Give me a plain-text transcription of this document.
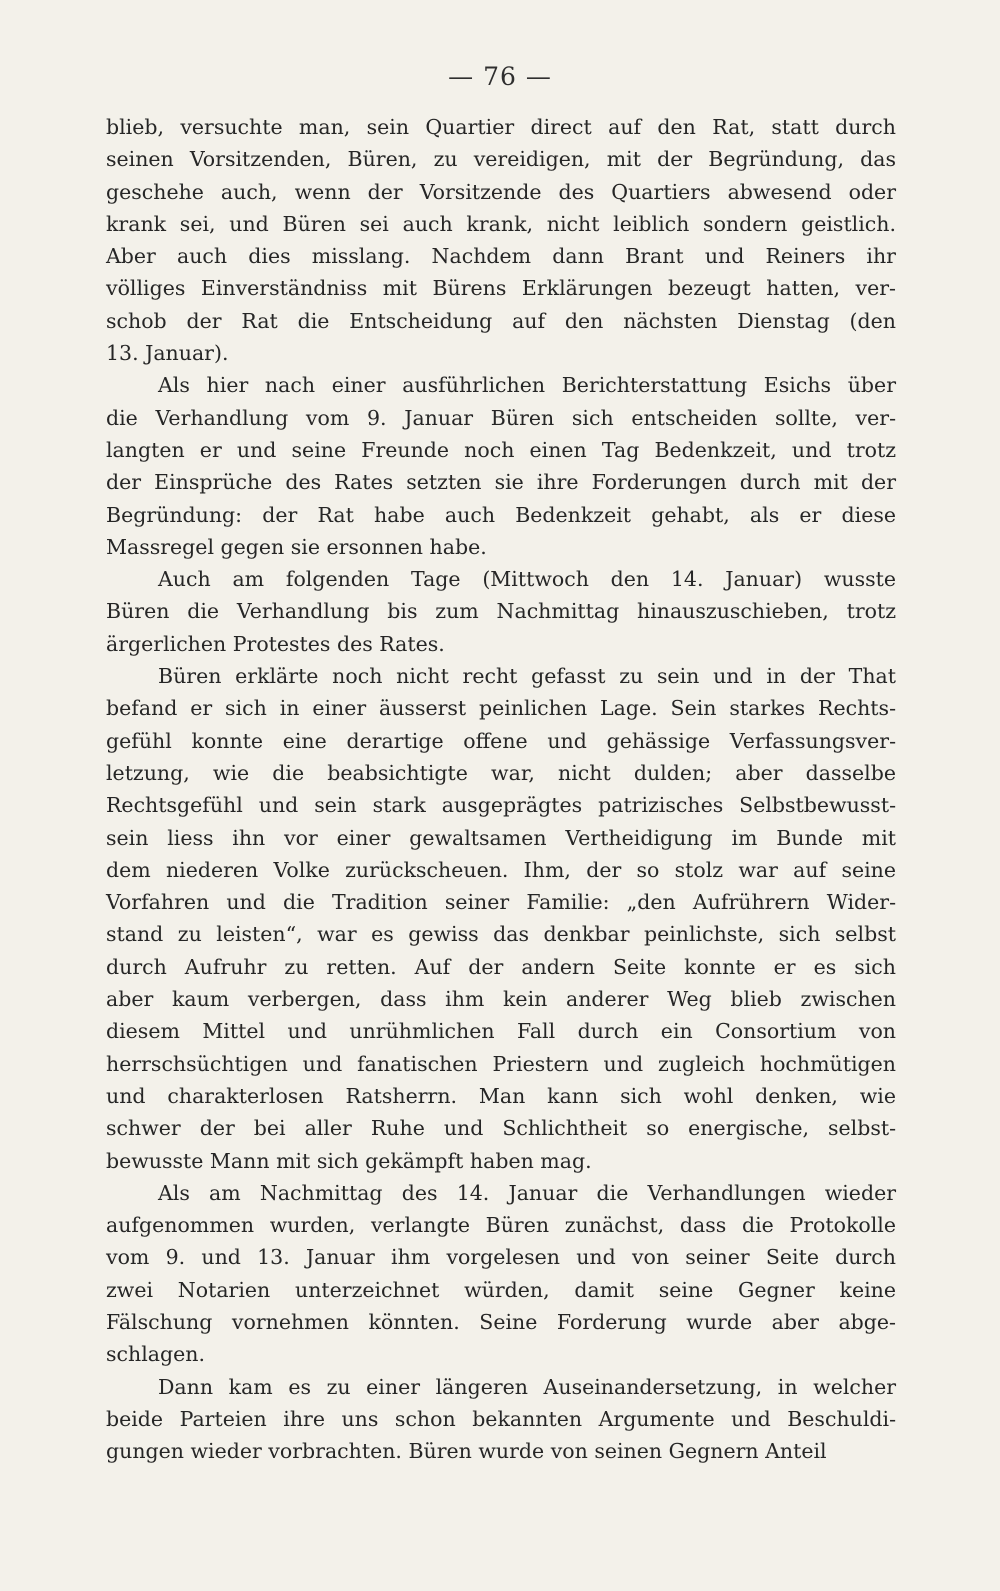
— 76 —
blieb, versuchte man, sein Quartier direct auf den Rat, statt durch
seinen Vorsitzenden, Büren, zu vereidigen, mit der Begründung, das
geschehe auch, wenn der Vorsitzende des Quartiers abwesend oder
krank sei, und Büren sei auch krank, nicht leiblich sondern geistlich.
Aber auch dies misslang. Nachdem dann Brant und Reiners ihr
völliges Einverständniss mit Bürens Erklärungen bezeugt hatten, ver-
schob der Rat die Entscheidung auf den nächsten Dienstag (den
13. Januar).
Als hier nach einer ausführlichen Berichterstattung Esichs über
die Verhandlung vom 9. Januar Büren sich entscheiden sollte, ver-
langten er und seine Freunde noch einen Tag Bedenkzeit, und trotz
der Einsprüche des Rates setzten sie ihre Forderungen durch mit der
Begründung: der Rat habe auch Bedenkzeit gehabt, als er diese
Massregel gegen sie ersonnen habe.
Auch am folgenden Tage (Mittwoch den 14. Januar) wusste
Büren die Verhandlung bis zum Nachmittag hinauszuschieben, trotz
ärgerlichen Protestes des Rates.
Büren erklärte noch nicht recht gefasst zu sein und in der That
befand er sich in einer äusserst peinlichen Lage. Sein starkes Rechts-
gefühl konnte eine derartige offene und gehässige Verfassungsver-
letzung, wie die beabsichtigte war, nicht dulden; aber dasselbe
Rechtsgefühl und sein stark ausgeprägtes patrizisches Selbstbewusst-
sein liess ihn vor einer gewaltsamen Vertheidigung im Bunde mit
dem niederen Volke zurückscheuen. Ihm, der so stolz war auf seine
Vorfahren und die Tradition seiner Familie: „den Aufrührern Wider-
stand zu leisten“, war es gewiss das denkbar peinlichste, sich selbst
durch Aufruhr zu retten. Auf der andern Seite konnte er es sich
aber kaum verbergen, dass ihm kein anderer Weg blieb zwischen
diesem Mittel und unrühmlichen Fall durch ein Consortium von
herrschsüchtigen und fanatischen Priestern und zugleich hochmütigen
und charakterlosen Ratsherrn. Man kann sich wohl denken, wie
schwer der bei aller Ruhe und Schlichtheit so energische, selbst-
bewusste Mann mit sich gekämpft haben mag.
Als am Nachmittag des 14. Januar die Verhandlungen wieder
aufgenommen wurden, verlangte Büren zunächst, dass die Protokolle
vom 9. und 13. Januar ihm vorgelesen und von seiner Seite durch
zwei Notarien unterzeichnet würden, damit seine Gegner keine
Fälschung vornehmen könnten. Seine Forderung wurde aber abge-
schlagen.
Dann kam es zu einer längeren Auseinandersetzung, in welcher
beide Parteien ihre uns schon bekannten Argumente und Beschuldi-
gungen wieder vorbrachten. Büren wurde von seinen Gegnern Anteil
